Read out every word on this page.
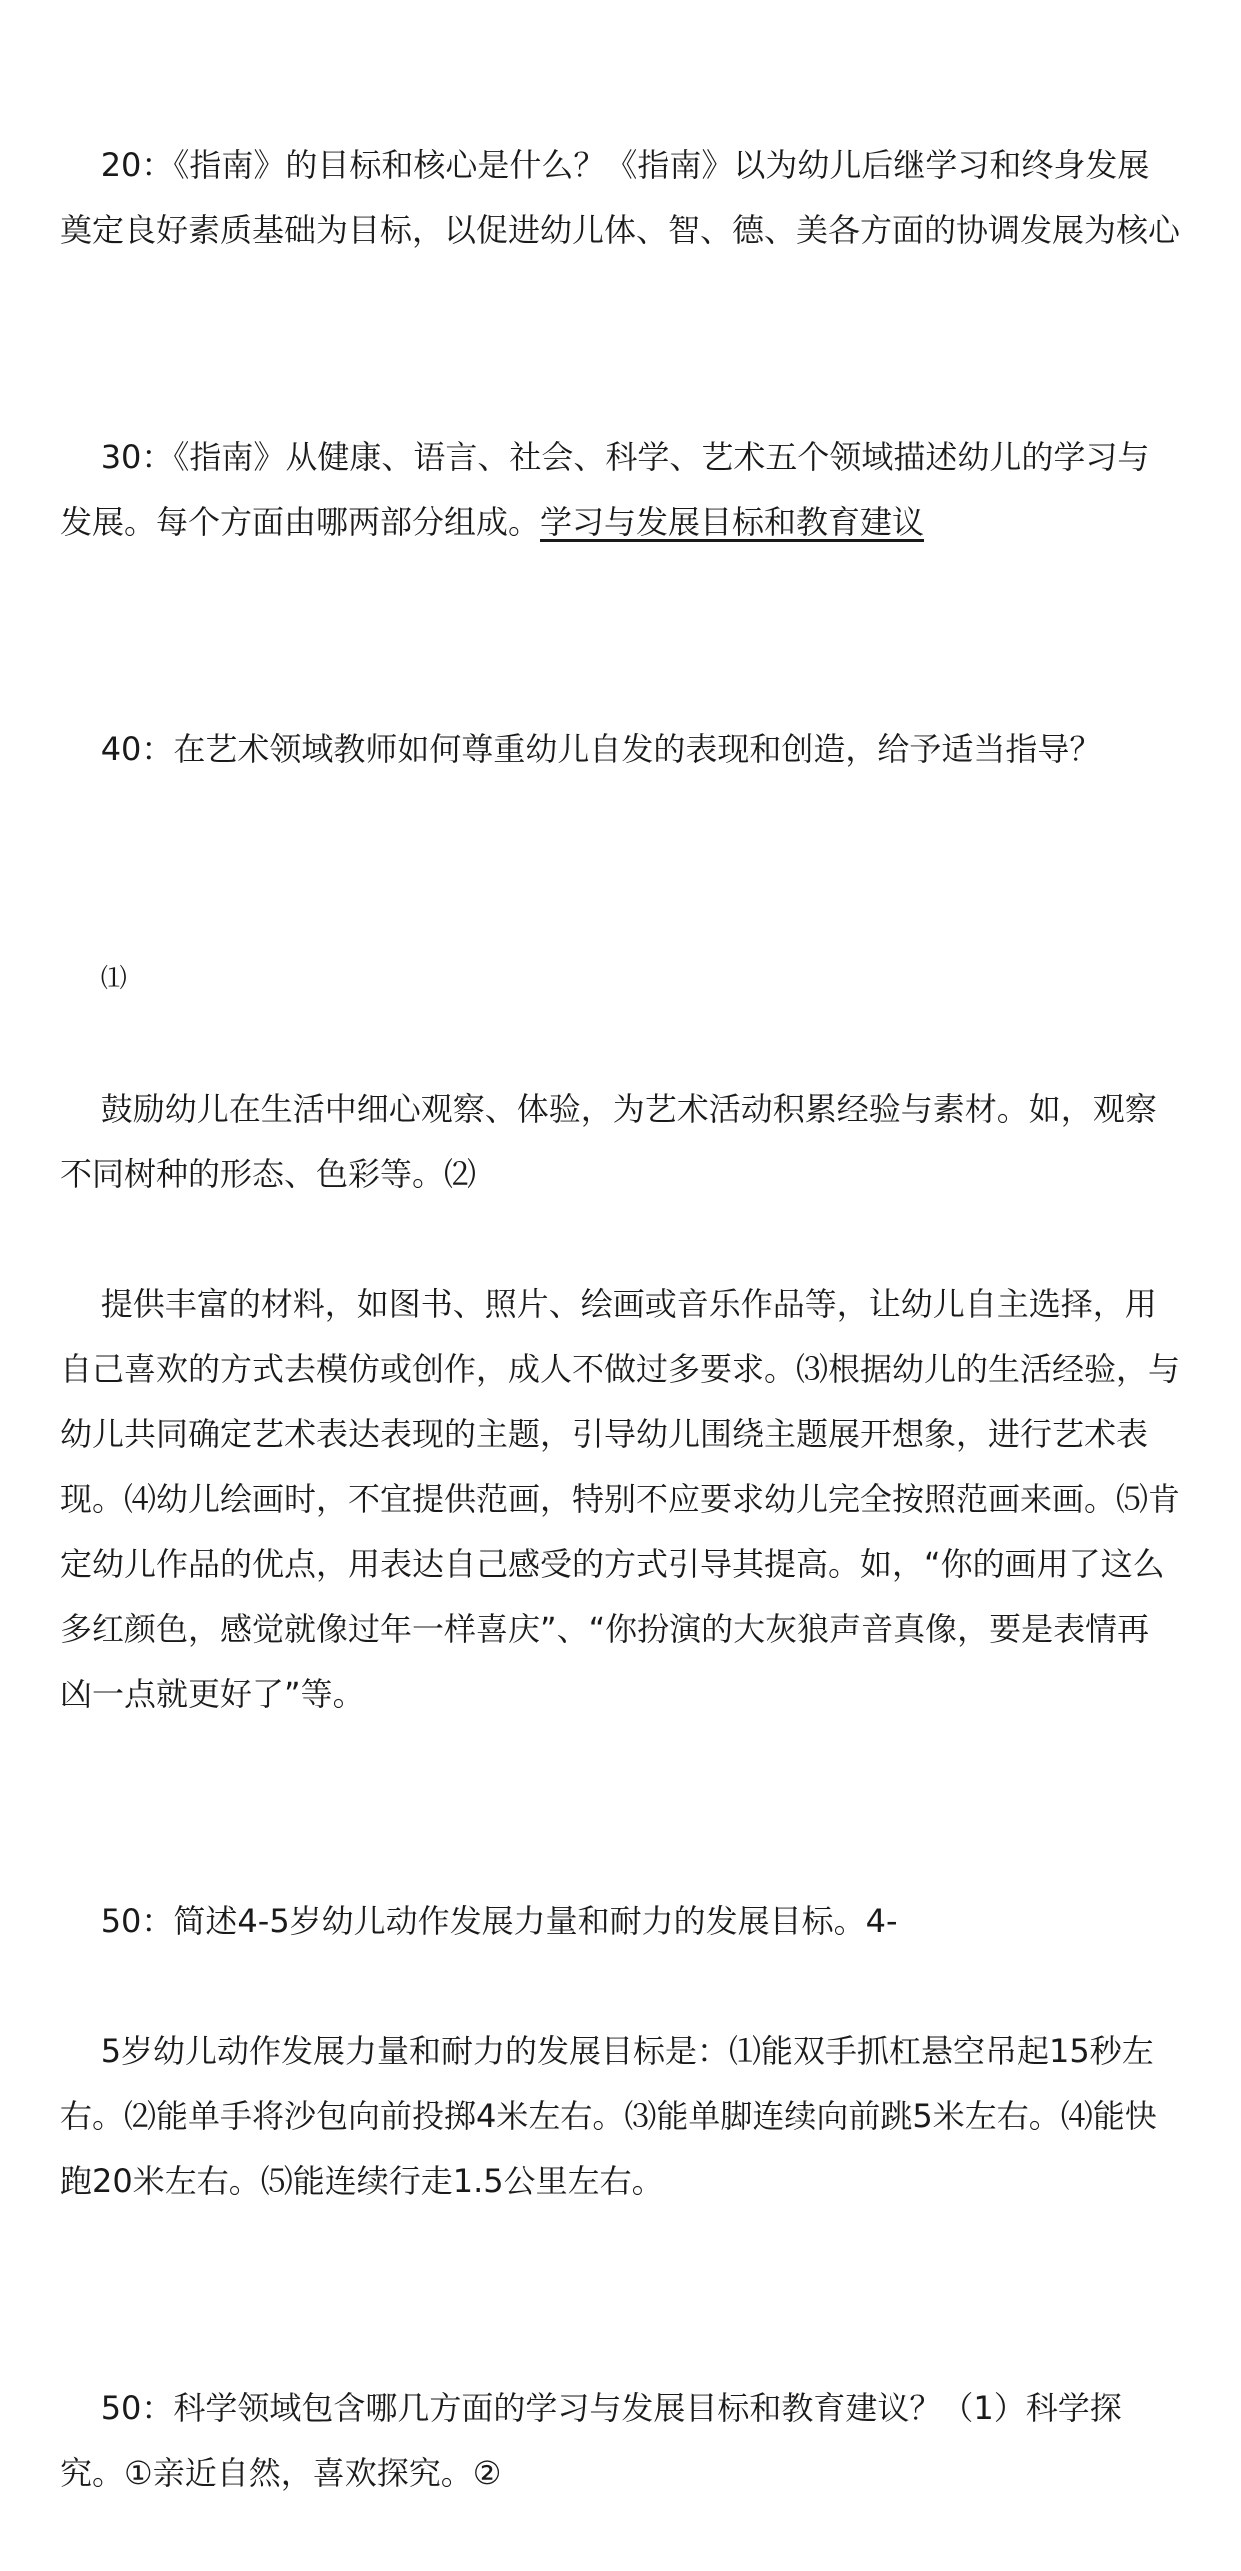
20：《指南》的目标和核心是什么？《指南》以为幼儿后继学习和终身发展奠定良好素质基础为目标，以促进幼儿体、智、德、美各方面的协调发展为核心

30：《指南》从健康、语言、社会、科学、艺术五个领域描述幼儿的学习与发展。每个方面由哪两部分组成。学习与发展目标和教育建议

40：在艺术领域教师如何尊重幼儿自发的表现和创造，给予适当指导？

⑴

鼓励幼儿在生活中细心观察、体验，为艺术活动积累经验与素材。如，观察不同树种的形态、色彩等。⑵

提供丰富的材料，如图书、照片、绘画或音乐作品等，让幼儿自主选择，用自己喜欢的方式去模仿或创作，成人不做过多要求。⑶根据幼儿的生活经验，与幼儿共同确定艺术表达表现的主题，引导幼儿围绕主题展开想象，进行艺术表现。⑷幼儿绘画时，不宜提供范画，特别不应要求幼儿完全按照范画来画。⑸肯定幼儿作品的优点，用表达自己感受的方式引导其提高。如，“你的画用了这么多红颜色，感觉就像过年一样喜庆”、“你扮演的大灰狼声音真像，要是表情再凶一点就更好了”等。

50：简述4-5岁幼儿动作发展力量和耐力的发展目标。4-

5岁幼儿动作发展力量和耐力的发展目标是：⑴能双手抓杠悬空吊起15秒左右。⑵能单手将沙包向前投掷4米左右。⑶能单脚连续向前跳5米左右。⑷能快跑20米左右。⑸能连续行走1.5公里左右。

50：科学领域包含哪几方面的学习与发展目标和教育建议？（1）科学探究。①亲近自然，喜欢探究。②
